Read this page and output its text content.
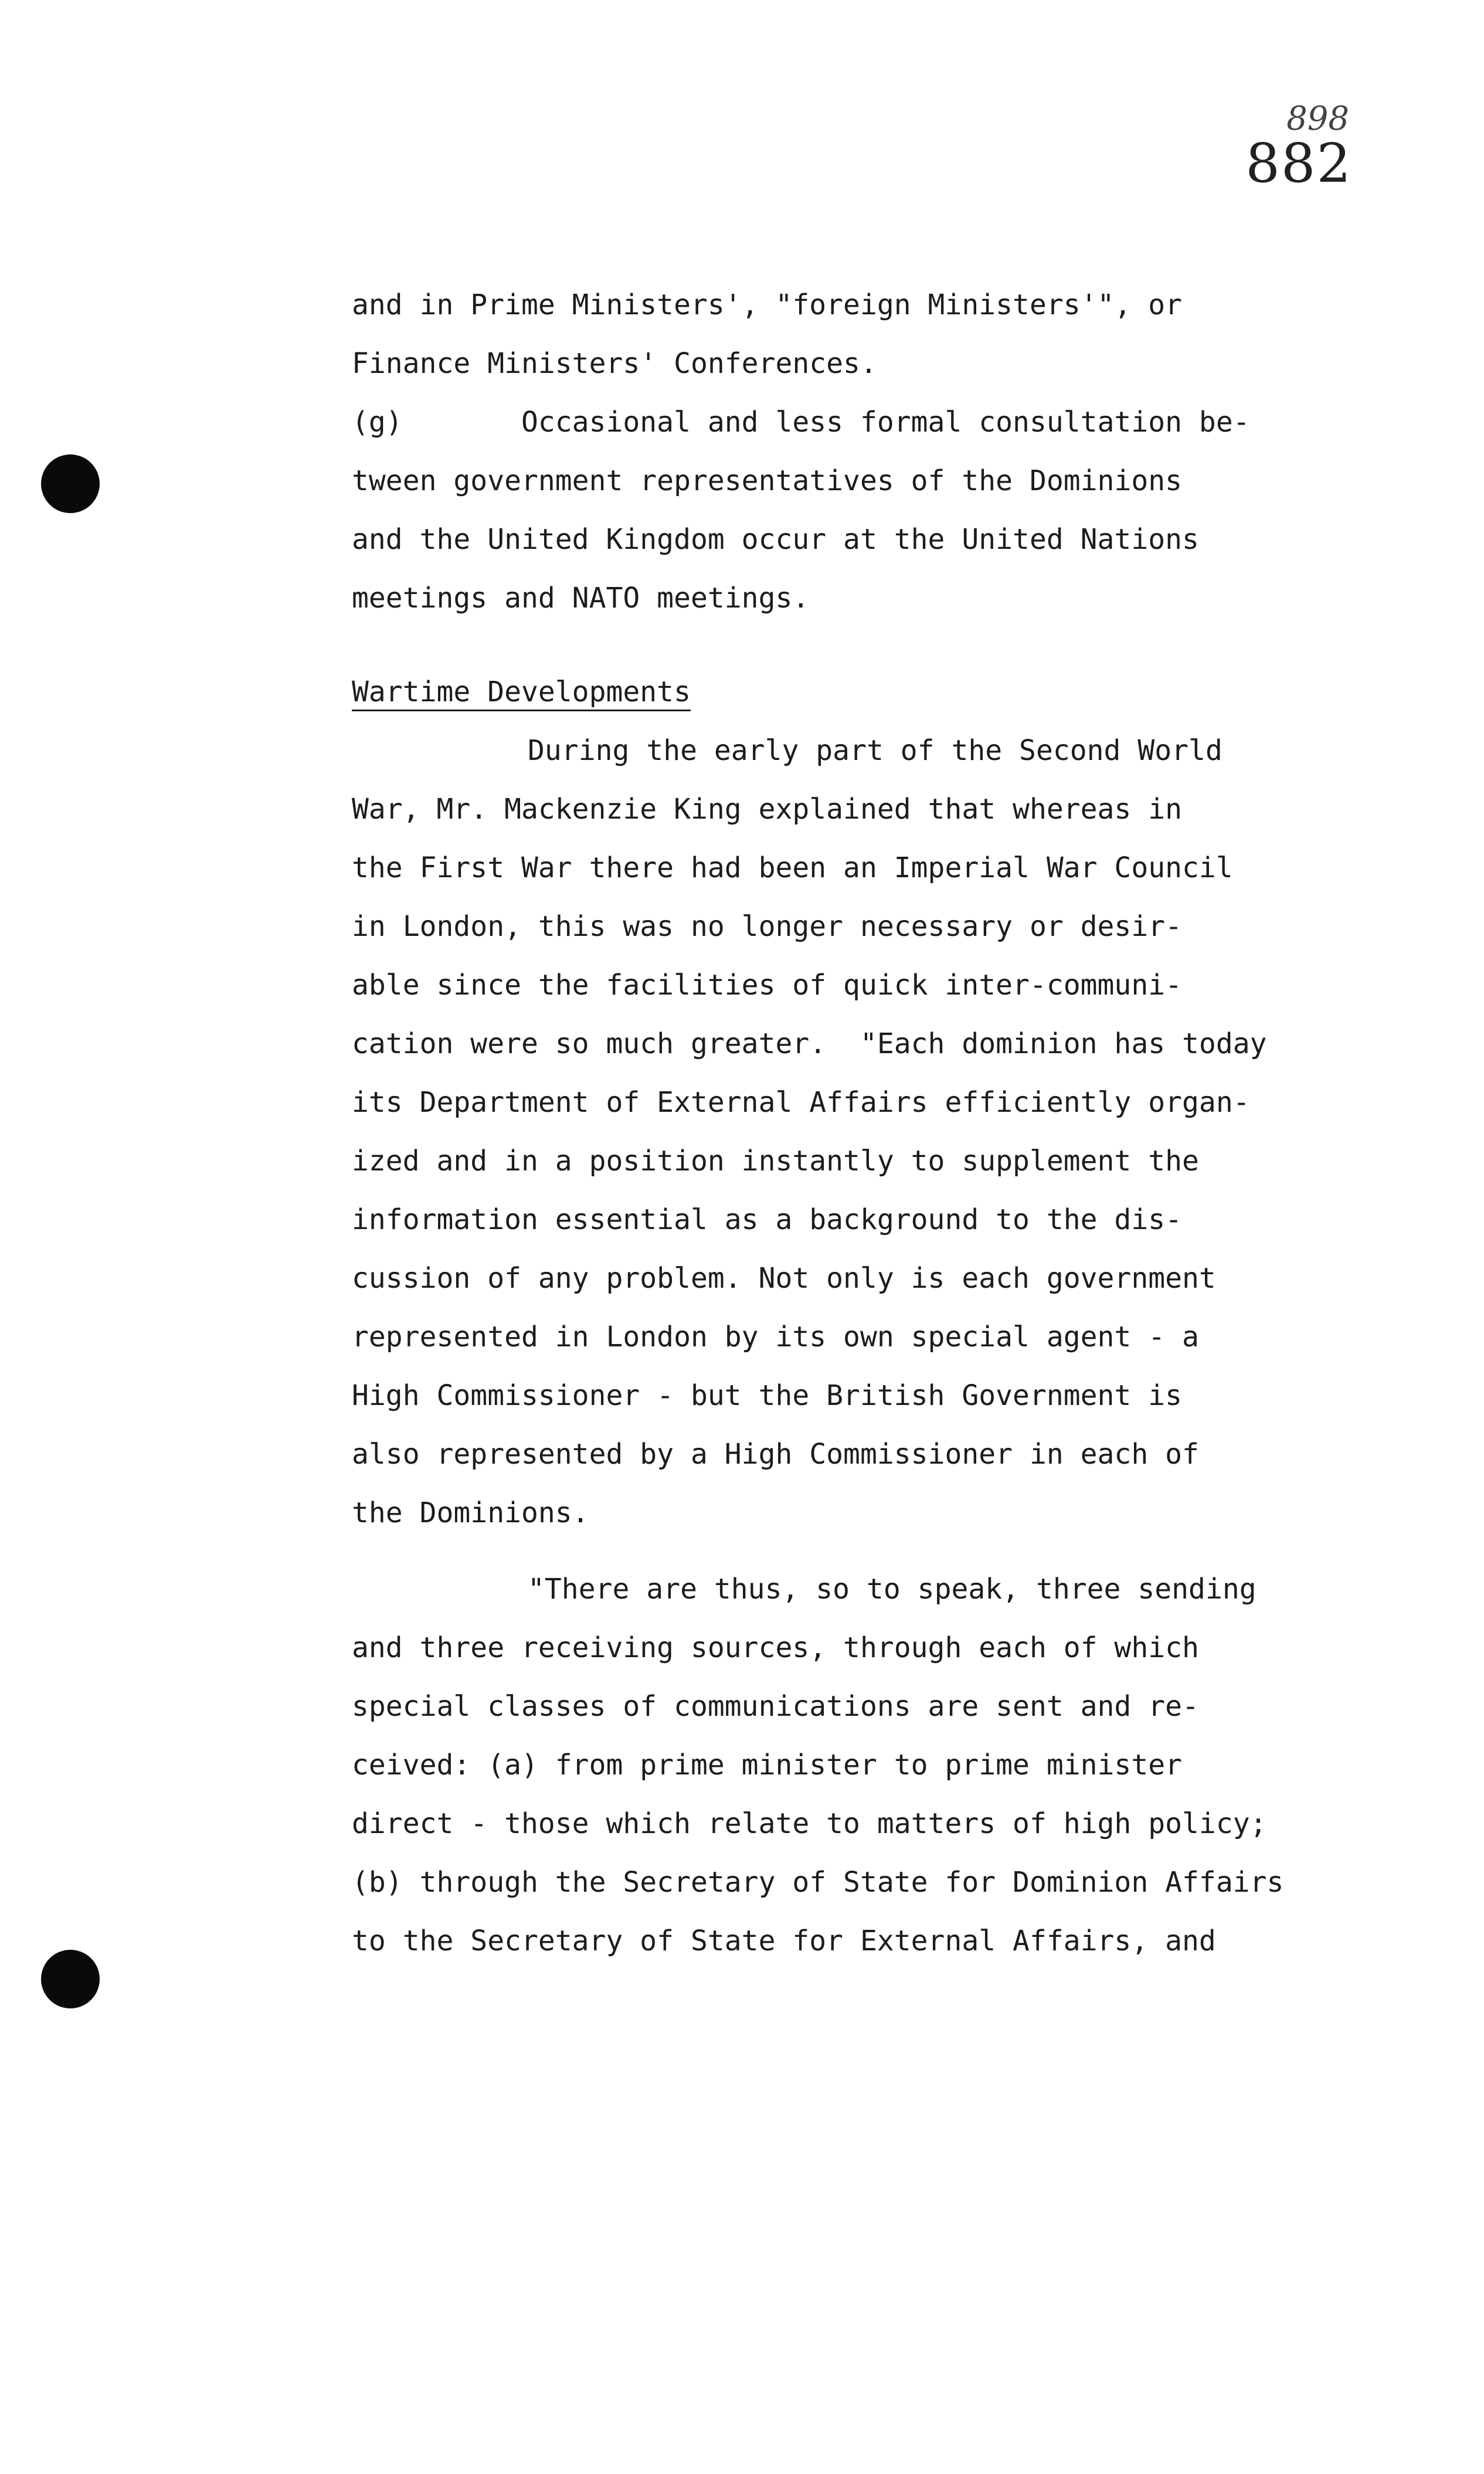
898
882
and in Prime Ministers', "foreign Ministers'", or
Finance Ministers' Conferences.
(g)       Occasional and less formal consultation be-
tween government representatives of the Dominions
and the United Kingdom occur at the United Nations
meetings and NATO meetings.
Wartime Developments
During the early part of the Second World
War, Mr. Mackenzie King explained that whereas in
the First War there had been an Imperial War Council
in London, this was no longer necessary or desir-
able since the facilities of quick inter-communi-
cation were so much greater.  "Each dominion has today
its Department of External Affairs efficiently organ-
ized and in a position instantly to supplement the
information essential as a background to the dis-
cussion of any problem. Not only is each government
represented in London by its own special agent - a
High Commissioner - but the British Government is
also represented by a High Commissioner in each of
the Dominions.
"There are thus, so to speak, three sending
and three receiving sources, through each of which
special classes of communications are sent and re-
ceived: (a) from prime minister to prime minister
direct - those which relate to matters of high policy;
(b) through the Secretary of State for Dominion Affairs
to the Secretary of State for External Affairs, and
